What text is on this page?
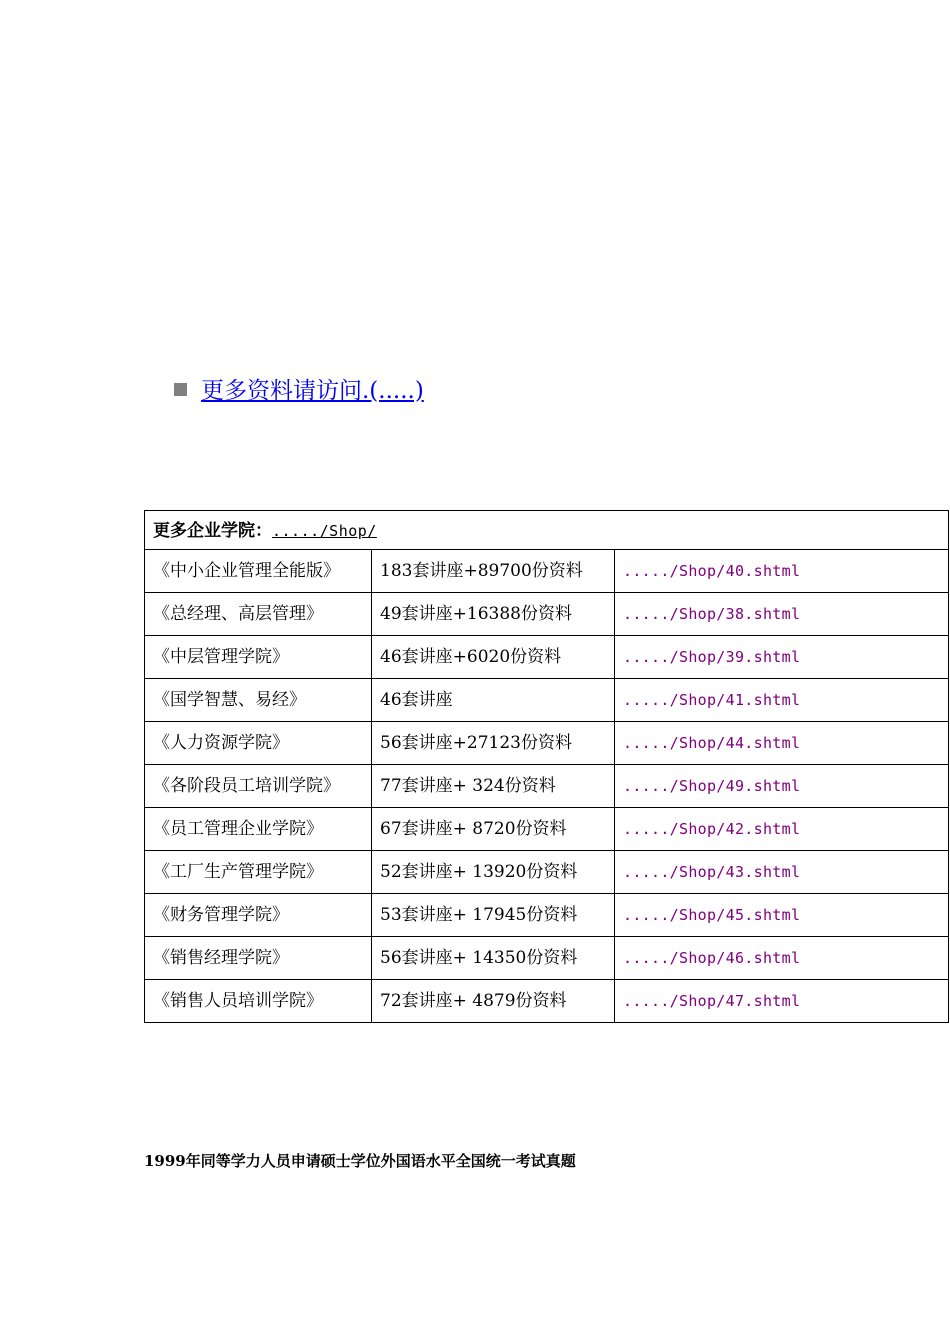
更多资料请访问.(.....)
更多企业学院：...../Shop/		
《中小企业管理全能版》	183套讲座+89700份资料	...../Shop/40.shtml
《总经理、高层管理》	49套讲座+16388份资料	...../Shop/38.shtml
《中层管理学院》	46套讲座+6020份资料	...../Shop/39.shtml
《国学智慧、易经》	46套讲座	...../Shop/41.shtml
《人力资源学院》	56套讲座+27123份资料	...../Shop/44.shtml
《各阶段员工培训学院》	77套讲座+ 324份资料	...../Shop/49.shtml
《员工管理企业学院》	67套讲座+ 8720份资料	...../Shop/42.shtml
《工厂生产管理学院》	52套讲座+ 13920份资料	...../Shop/43.shtml
《财务管理学院》	53套讲座+ 17945份资料	...../Shop/45.shtml
《销售经理学院》	56套讲座+ 14350份资料	...../Shop/46.shtml
《销售人员培训学院》	72套讲座+ 4879份资料	...../Shop/47.shtml
1999年同等学力人员申请硕士学位外国语水平全国统一考试真题
